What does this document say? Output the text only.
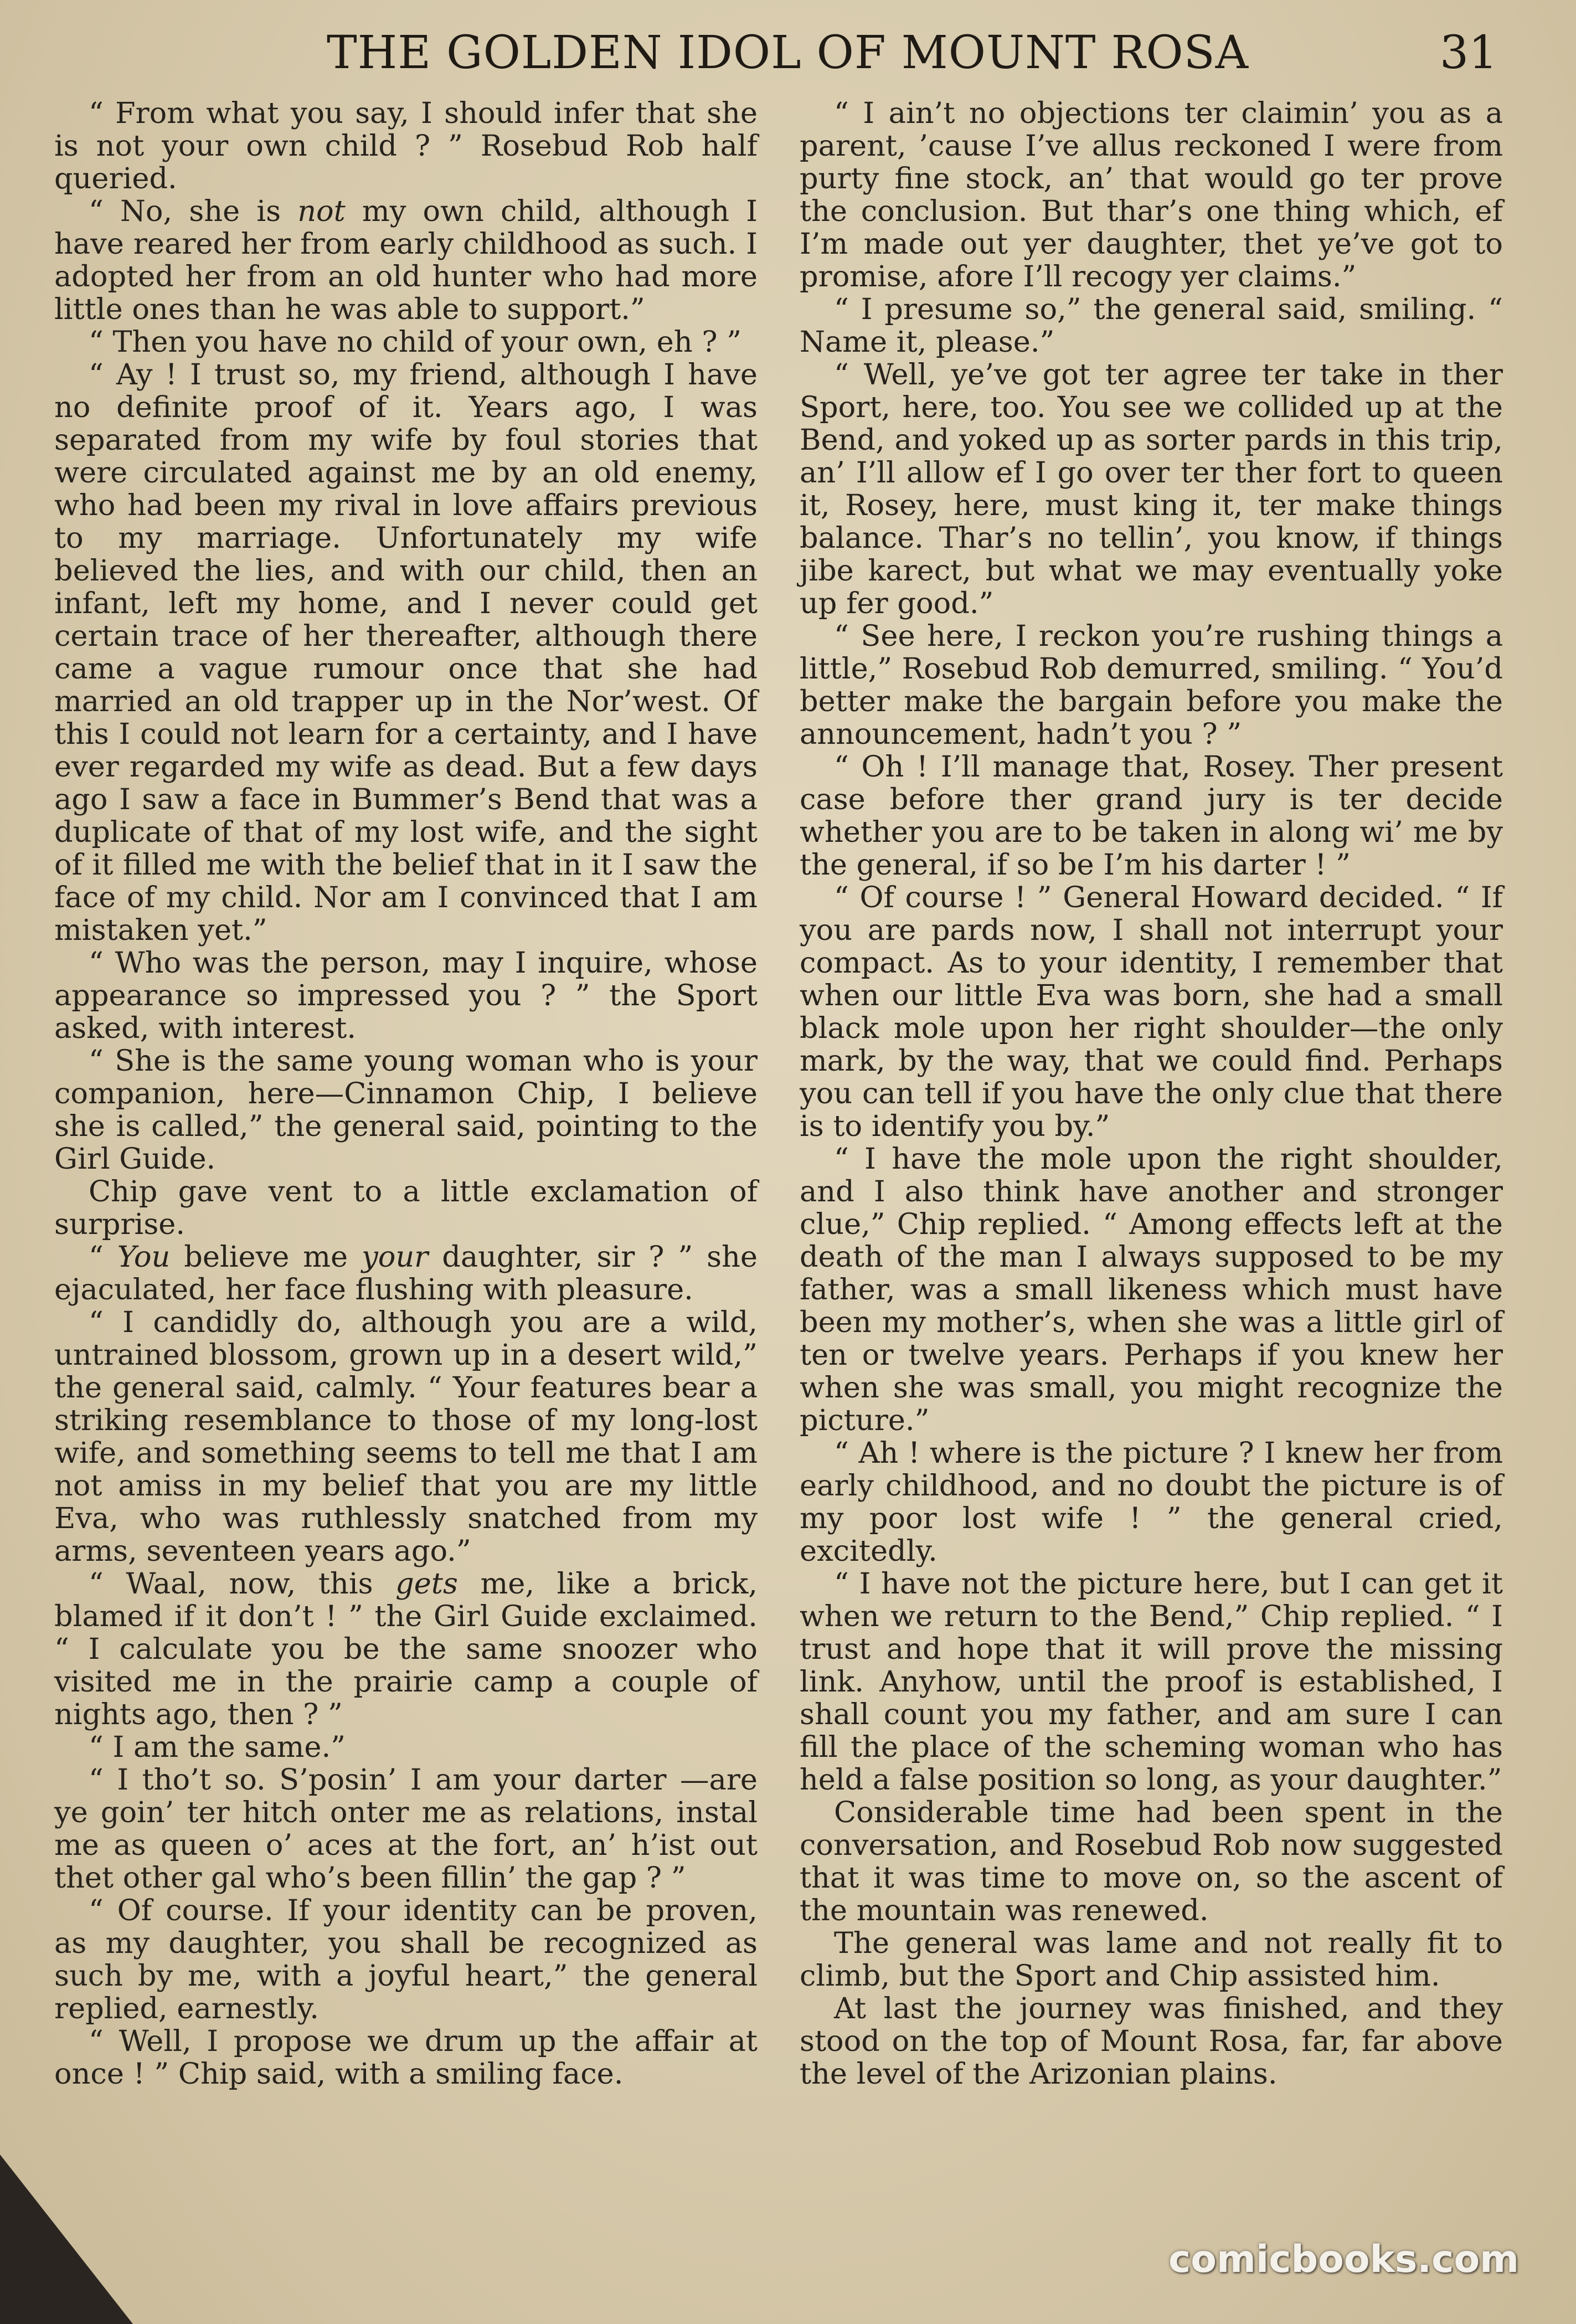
THE GOLDEN IDOL OF MOUNT ROSA	31

“ From what you say, I should infer that she is not your own child ? ” Rosebud Rob half queried.

“ No, she is not my own child, although I have reared her from early childhood as such. I adopted her from an old hunter who had more little ones than he was able to support.”

“ Then you have no child of your own, eh ? ”

“ Ay ! I trust so, my friend, although I have no definite proof of it. Years ago, I was separated from my wife by foul stories that were circulated against me by an old enemy, who had been my rival in love affairs previous to my marriage. Unfortunately my wife believed the lies, and with our child, then an infant, left my home, and I never could get certain trace of her thereafter, although there came a vague rumour once that she had married an old trapper up in the Nor’west. Of this I could not learn for a certainty, and I have ever regarded my wife as dead. But a few days ago I saw a face in Bummer’s Bend that was a duplicate of that of my lost wife, and the sight of it filled me with the belief that in it I saw the face of my child. Nor am I convinced that I am mistaken yet.”

“ Who was the person, may I inquire, whose appearance so impressed you ? ” the Sport asked, with interest.

“ She is the same young woman who is your companion, here—Cinnamon Chip, I believe she is called,” the general said, pointing to the Girl Guide.

Chip gave vent to a little exclamation of surprise.

“ You believe me your daughter, sir ? ” she ejaculated, her face flushing with pleasure.

“ I candidly do, although you are a wild, untrained blossom, grown up in a desert wild,” the general said, calmly. “ Your features bear a striking resemblance to those of my long-lost wife, and something seems to tell me that I am not amiss in my belief that you are my little Eva, who was ruthlessly snatched from my arms, seventeen years ago.”

“ Waal, now, this gets me, like a brick, blamed if it don’t ! ” the Girl Guide exclaimed. “ I calculate you be the same snoozer who visited me in the prairie camp a couple of nights ago, then ? ”

“ I am the same.”

“ I tho’t so. S’posin’ I am your darter —are ye goin’ ter hitch onter me as relations, instal me as queen o’ aces at the fort, an’ h’ist out thet other gal who’s been fillin’ the gap ? ”

“ Of course. If your identity can be proven, as my daughter, you shall be recognized as such by me, with a joyful heart,” the general replied, earnestly.

“ Well, I propose we drum up the affair at once ! ” Chip said, with a smiling face.

“ I ain’t no objections ter claimin’ you as a parent, ’cause I’ve allus reckoned I were from purty fine stock, an’ that would go ter prove the conclusion. But thar’s one thing which, ef I’m made out yer daughter, thet ye’ve got to promise, afore I’ll recogy yer claims.”

“ I presume so,” the general said, smiling. “ Name it, please.”

“ Well, ye’ve got ter agree ter take in ther Sport, here, too. You see we collided up at the Bend, and yoked up as sorter pards in this trip, an’ I’ll allow ef I go over ter ther fort to queen it, Rosey, here, must king it, ter make things balance. Thar’s no tellin’, you know, if things jibe karect, but what we may eventually yoke up fer good.”

“ See here, I reckon you’re rushing things a little,” Rosebud Rob demurred, smiling. “ You’d better make the bargain before you make the announcement, hadn’t you ? ”

“ Oh ! I’ll manage that, Rosey. Ther present case before ther grand jury is ter decide whether you are to be taken in along wi’ me by the general, if so be I’m his darter ! ”

“ Of course ! ” General Howard decided. “ If you are pards now, I shall not interrupt your compact. As to your identity, I remember that when our little Eva was born, she had a small black mole upon her right shoulder—the only mark, by the way, that we could find. Perhaps you can tell if you have the only clue that there is to identify you by.”

“ I have the mole upon the right shoulder, and I also think have another and stronger clue,” Chip replied. “ Among effects left at the death of the man I always supposed to be my father, was a small likeness which must have been my mother’s, when she was a little girl of ten or twelve years. Perhaps if you knew her when she was small, you might recognize the picture.”

“ Ah ! where is the picture ? I knew her from early childhood, and no doubt the picture is of my poor lost wife ! ” the general cried, excitedly.

“ I have not the picture here, but I can get it when we return to the Bend,” Chip replied. “ I trust and hope that it will prove the missing link. Anyhow, until the proof is established, I shall count you my father, and am sure I can fill the place of the scheming woman who has held a false position so long, as your daughter.”

Considerable time had been spent in the conversation, and Rosebud Rob now suggested that it was time to move on, so the ascent of the mountain was renewed.

The general was lame and not really fit to climb, but the Sport and Chip assisted him.

At last the journey was finished, and they stood on the top of Mount Rosa, far, far above the level of the Arizonian plains.

comicbooks.com
